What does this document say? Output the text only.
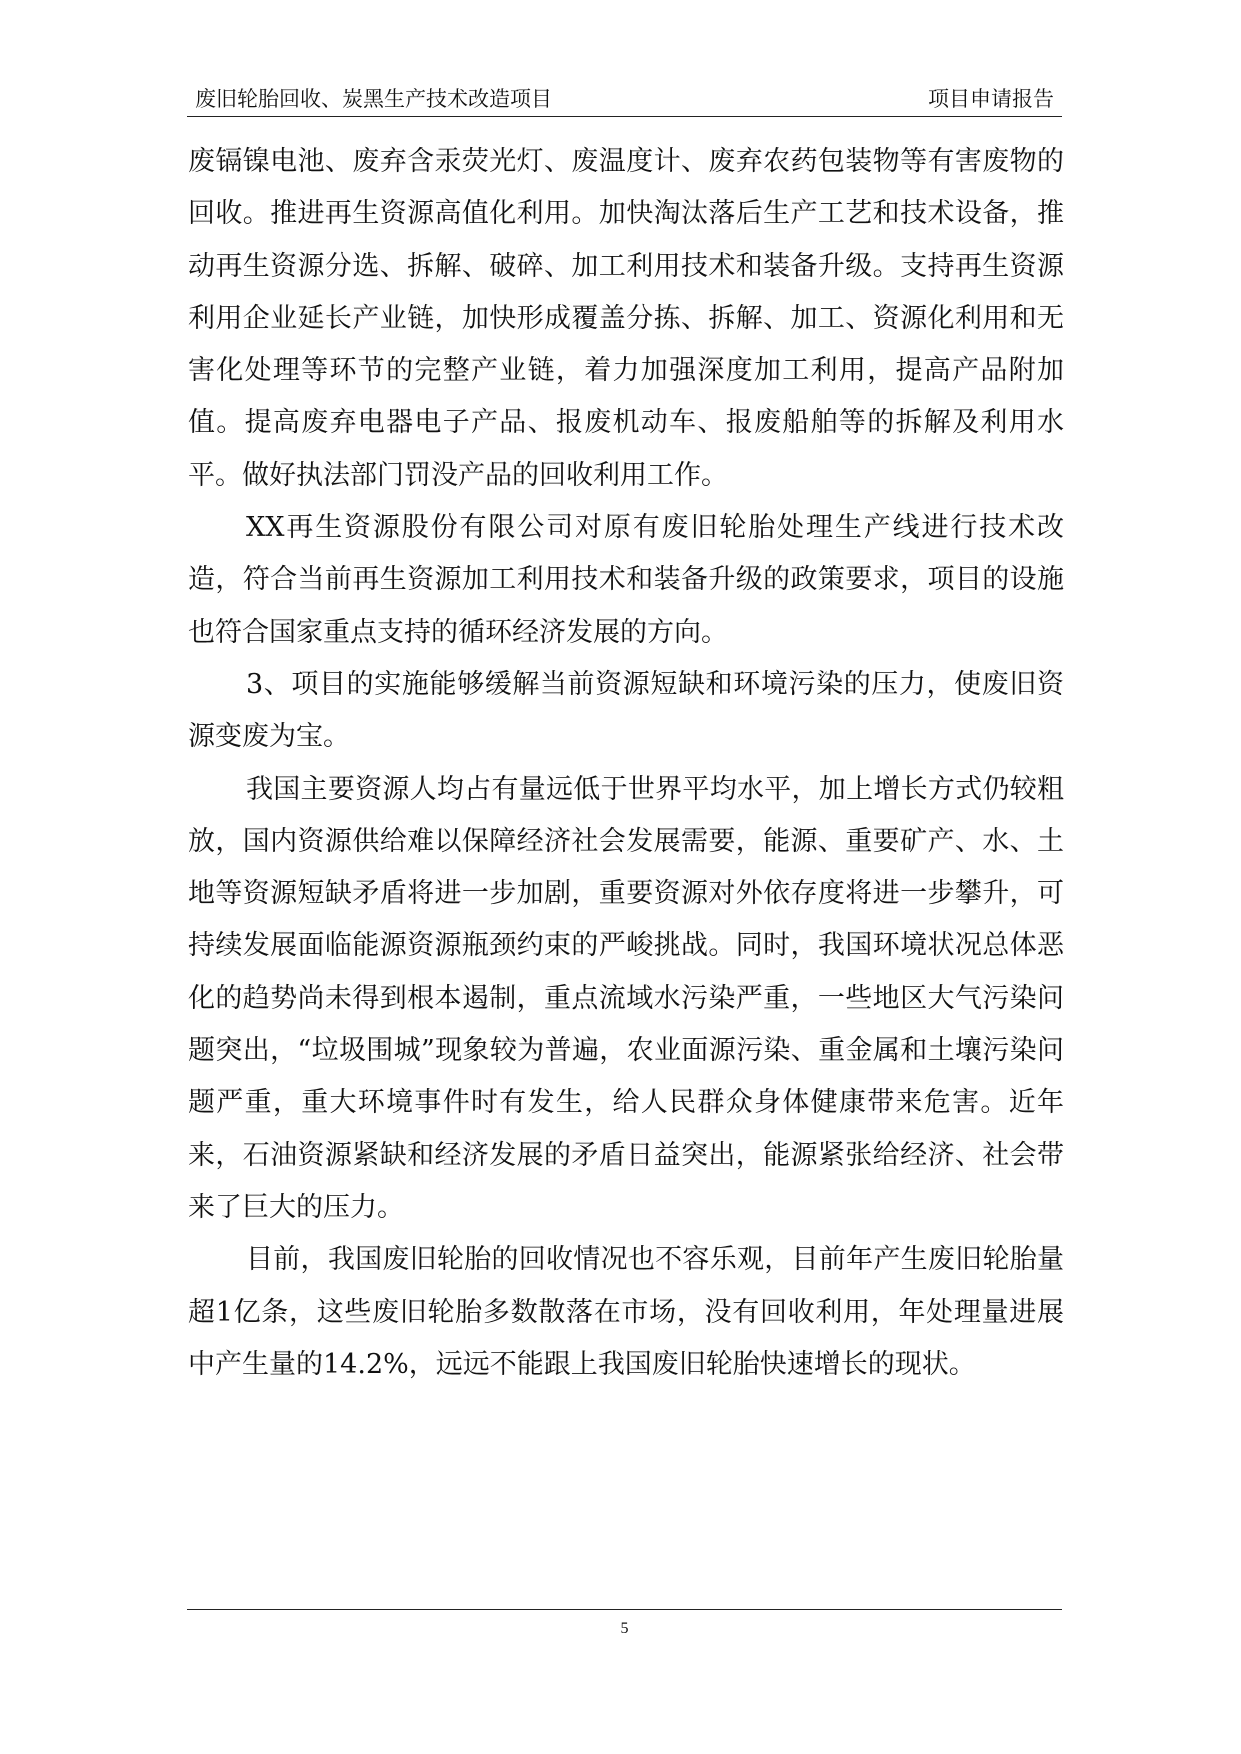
废旧轮胎回收、炭黑生产技术改造项目	项目申请报告

废镉镍电池、废弃含汞荧光灯、废温度计、废弃农药包装物等有害废物的回收。推进再生资源高值化利用。加快淘汰落后生产工艺和技术设备，推动再生资源分选、拆解、破碎、加工利用技术和装备升级。支持再生资源利用企业延长产业链，加快形成覆盖分拣、拆解、加工、资源化利用和无害化处理等环节的完整产业链，着力加强深度加工利用，提高产品附加值。提高废弃电器电子产品、报废机动车、报废船舶等的拆解及利用水平。做好执法部门罚没产品的回收利用工作。

XX再生资源股份有限公司对原有废旧轮胎处理生产线进行技术改造，符合当前再生资源加工利用技术和装备升级的政策要求，项目的设施也符合国家重点支持的循环经济发展的方向。

3、项目的实施能够缓解当前资源短缺和环境污染的压力，使废旧资源变废为宝。

我国主要资源人均占有量远低于世界平均水平，加上增长方式仍较粗放，国内资源供给难以保障经济社会发展需要，能源、重要矿产、水、土地等资源短缺矛盾将进一步加剧，重要资源对外依存度将进一步攀升，可持续发展面临能源资源瓶颈约束的严峻挑战。同时，我国环境状况总体恶化的趋势尚未得到根本遏制，重点流域水污染严重，一些地区大气污染问题突出，“垃圾围城”现象较为普遍，农业面源污染、重金属和土壤污染问题严重，重大环境事件时有发生，给人民群众身体健康带来危害。近年来，石油资源紧缺和经济发展的矛盾日益突出，能源紧张给经济、社会带来了巨大的压力。

目前，我国废旧轮胎的回收情况也不容乐观，目前年产生废旧轮胎量超1亿条，这些废旧轮胎多数散落在市场，没有回收利用，年处理量进展中产生量的14.2%，远远不能跟上我国废旧轮胎快速增长的现状。

5
